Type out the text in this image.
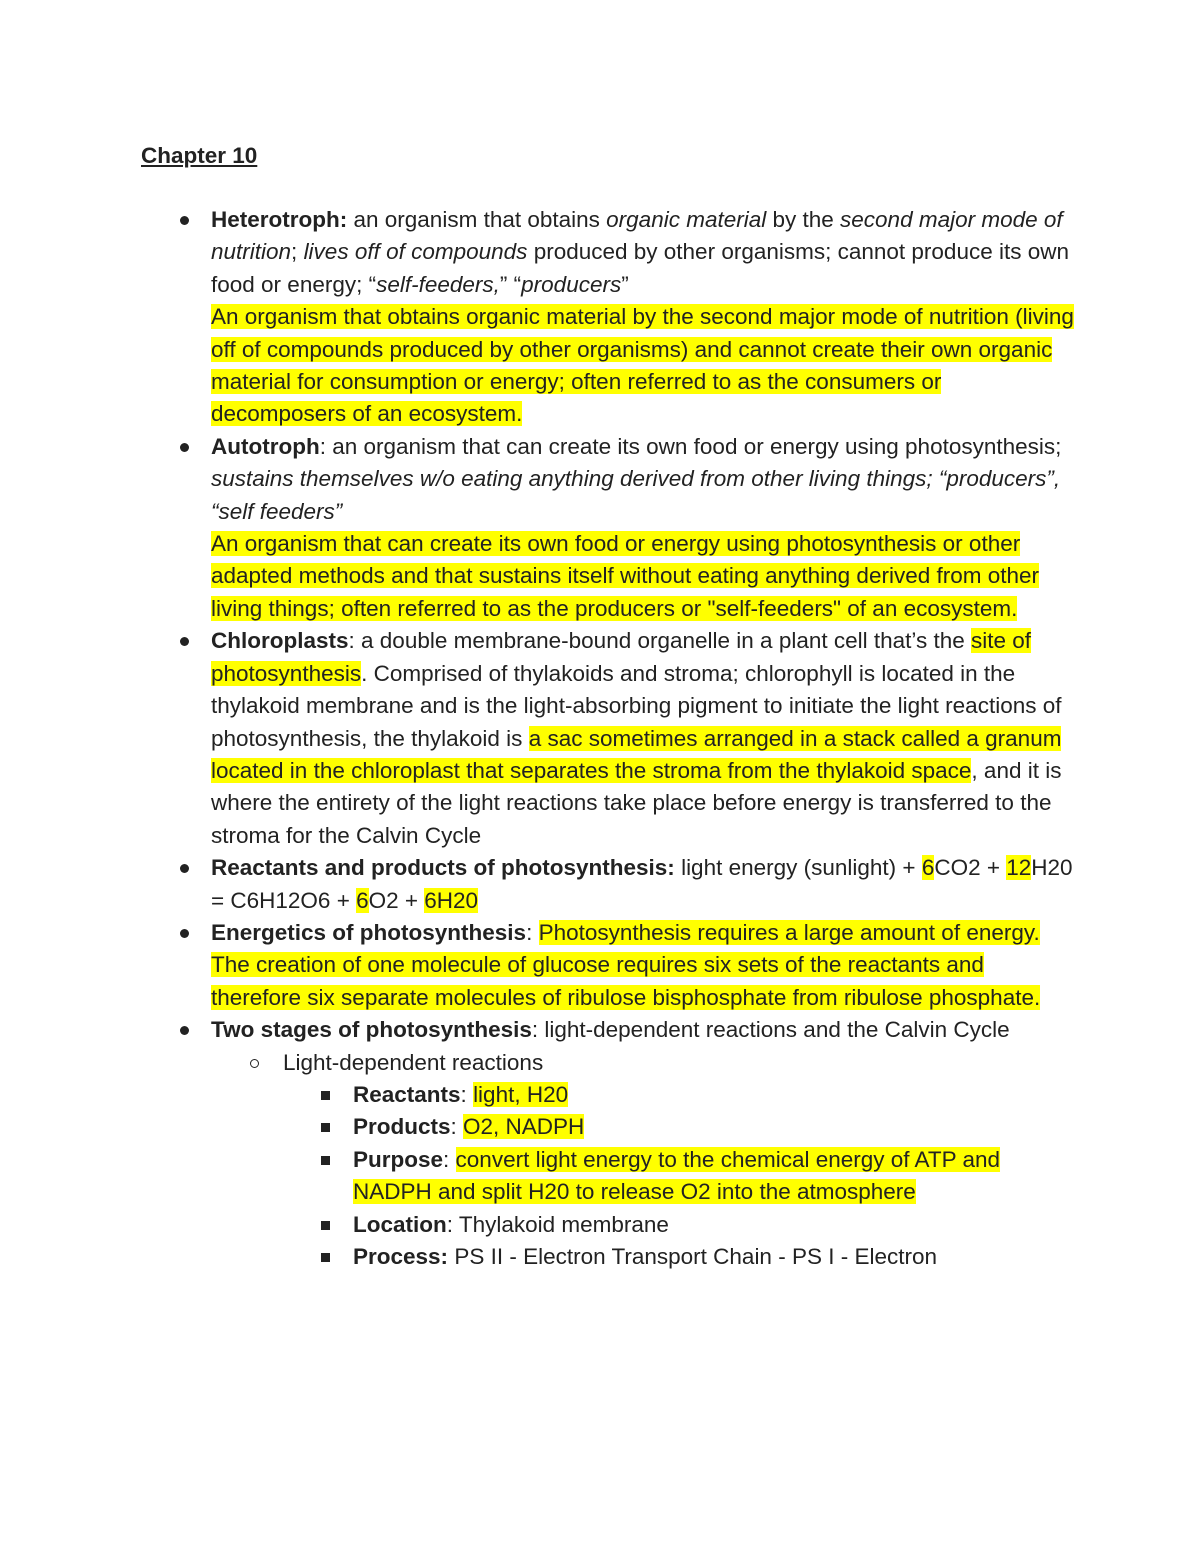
Chapter 10
Heterotroph: an organism that obtains organic material by the second major mode of nutrition; lives off of compounds produced by other organisms; cannot produce its own food or energy; “self-feeders,” “producers”
An organism that obtains organic material by the second major mode of nutrition (living off of compounds produced by other organisms) and cannot create their own organic material for consumption or energy; often referred to as the consumers or decomposers of an ecosystem.
Autotroph: an organism that can create its own food or energy using photosynthesis; sustains themselves w/o eating anything derived from other living things; “producers”, “self feeders”
An organism that can create its own food or energy using photosynthesis or other adapted methods and that sustains itself without eating anything derived from other living things; often referred to as the producers or "self-feeders" of an ecosystem.
Chloroplasts: a double membrane-bound organelle in a plant cell that’s the site of photosynthesis. Comprised of thylakoids and stroma; chlorophyll is located in the thylakoid membrane and is the light-absorbing pigment to initiate the light reactions of photosynthesis, the thylakoid is a sac sometimes arranged in a stack called a granum located in the chloroplast that separates the stroma from the thylakoid space, and it is where the entirety of the light reactions take place before energy is transferred to the stroma for the Calvin Cycle
Reactants and products of photosynthesis: light energy (sunlight) + 6CO2 + 12H20 = C6H12O6 + 6O2 + 6H20
Energetics of photosynthesis: Photosynthesis requires a large amount of energy. The creation of one molecule of glucose requires six sets of the reactants and therefore six separate molecules of ribulose bisphosphate from ribulose phosphate.
Two stages of photosynthesis: light-dependent reactions and the Calvin Cycle
Light-dependent reactions
Reactants: light, H20
Products: O2, NADPH
Purpose: convert light energy to the chemical energy of ATP and NADPH and split H20 to release O2 into the atmosphere
Location: Thylakoid membrane
Process: PS II - Electron Transport Chain - PS I - Electron
